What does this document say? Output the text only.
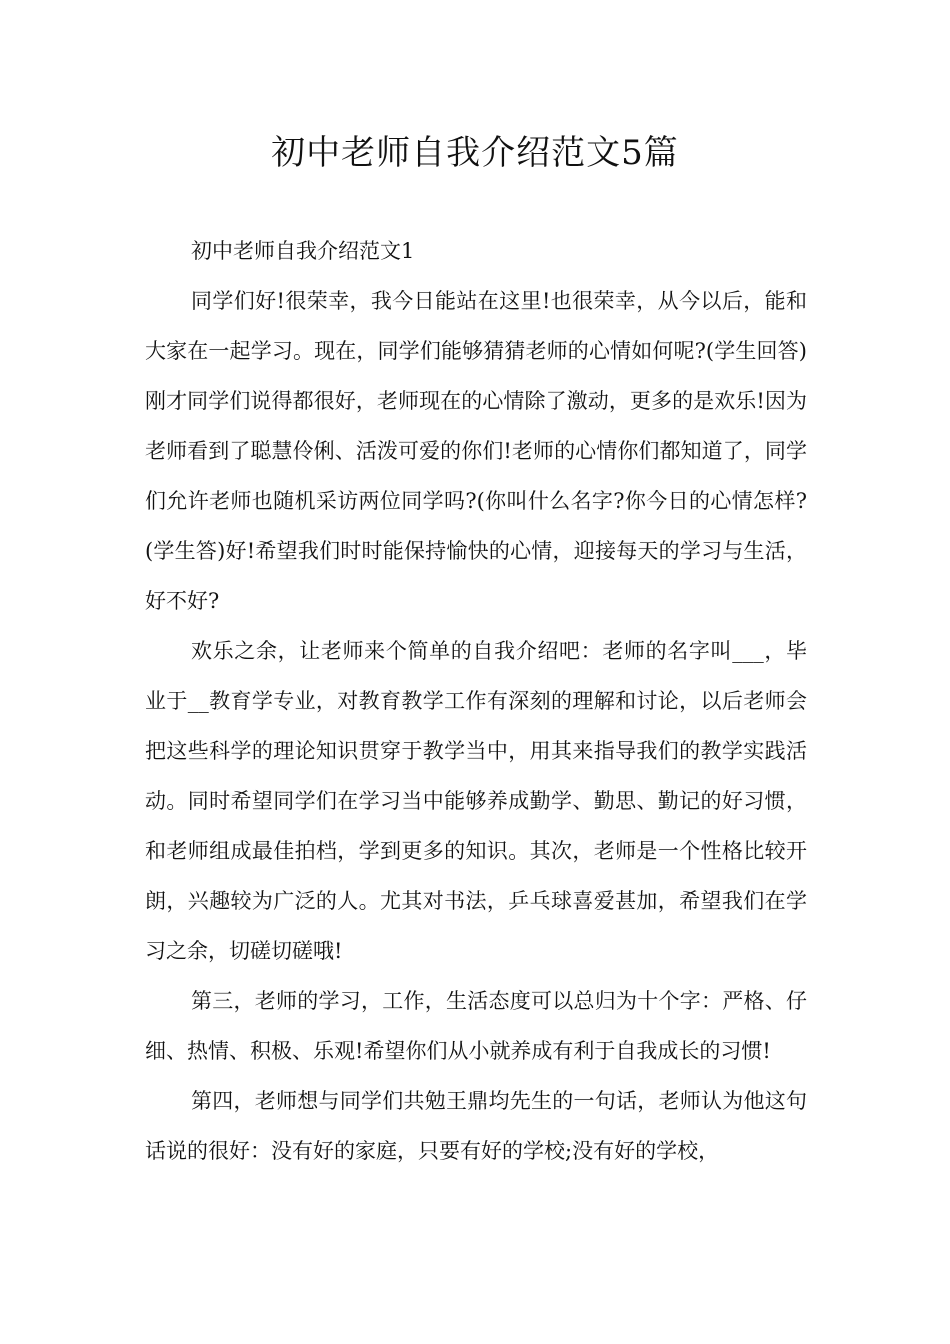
初中老师自我介绍范文5篇

初中老师自我介绍范文1

同学们好!很荣幸，我今日能站在这里!也很荣幸，从今以后，能和大家在一起学习。现在，同学们能够猜猜老师的心情如何呢?(学生回答)刚才同学们说得都很好，老师现在的心情除了激动，更多的是欢乐!因为老师看到了聪慧伶俐、活泼可爱的你们!老师的心情你们都知道了，同学们允许老师也随机采访两位同学吗?(你叫什么名字?你今日的心情怎样?(学生答)好!希望我们时时能保持愉快的心情，迎接每天的学习与生活，好不好?

欢乐之余，让老师来个简单的自我介绍吧：老师的名字叫___，毕业于__教育学专业，对教育教学工作有深刻的理解和讨论，以后老师会把这些科学的理论知识贯穿于教学当中，用其来指导我们的教学实践活动。同时希望同学们在学习当中能够养成勤学、勤思、勤记的好习惯，和老师组成最佳拍档，学到更多的知识。其次，老师是一个性格比较开朗，兴趣较为广泛的人。尤其对书法，乒乓球喜爱甚加，希望我们在学习之余，切磋切磋哦!

第三，老师的学习，工作，生活态度可以总归为十个字：严格、仔细、热情、积极、乐观!希望你们从小就养成有利于自我成长的习惯!

第四，老师想与同学们共勉王鼎均先生的一句话，老师认为他这句话说的很好：没有好的家庭，只要有好的学校;没有好的学校，
